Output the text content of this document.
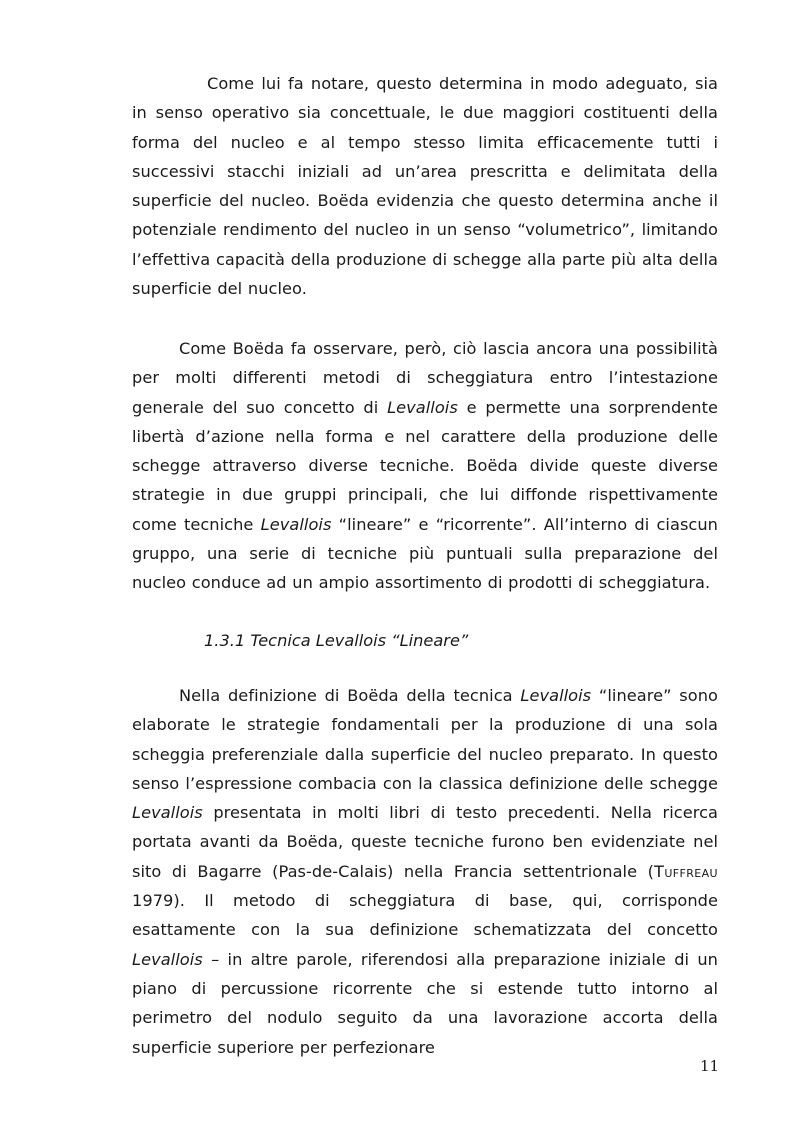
Come lui fa notare, questo determina in modo adeguato, sia in senso operativo sia concettuale, le due maggiori costituenti della forma del nucleo e al tempo stesso limita efficacemente tutti i successivi stacchi iniziali ad un’area prescritta e delimitata della superficie del nucleo. Boëda evidenzia che questo determina anche il potenziale rendimento del nucleo in un senso “volumetrico”, limitando l’effettiva capacità della produzione di schegge alla parte più alta della superficie del nucleo.

Come Boëda fa osservare, però, ciò lascia ancora una possibilità per molti differenti metodi di scheggiatura entro l’intestazione generale del suo concetto di Levallois e permette una sorprendente libertà d’azione nella forma e nel carattere della produzione delle schegge attraverso diverse tecniche. Boëda divide queste diverse strategie in due gruppi principali, che lui diffonde rispettivamente come tecniche Levallois “lineare” e “ricorrente”. All’interno di ciascun gruppo, una serie di tecniche più puntuali sulla preparazione del nucleo conduce ad un ampio assortimento di prodotti di scheggiatura.

1.3.1 Tecnica Levallois “Lineare”

Nella definizione di Boëda della tecnica Levallois “lineare” sono elaborate le strategie fondamentali per la produzione di una sola scheggia preferenziale dalla superficie del nucleo preparato. In questo senso l’espressione combacia con la classica definizione delle schegge Levallois presentata in molti libri di testo precedenti. Nella ricerca portata avanti da Boëda, queste tecniche furono ben evidenziate nel sito di Bagarre (Pas-de-Calais) nella Francia settentrionale (Tuffreau 1979). Il metodo di scheggiatura di base, qui, corrisponde esattamente con la sua definizione schematizzata del concetto Levallois – in altre parole, riferendosi alla preparazione iniziale di un piano di percussione ricorrente che si estende tutto intorno al perimetro del nodulo seguito da una lavorazione accorta della superficie superiore per perfezionare

11
